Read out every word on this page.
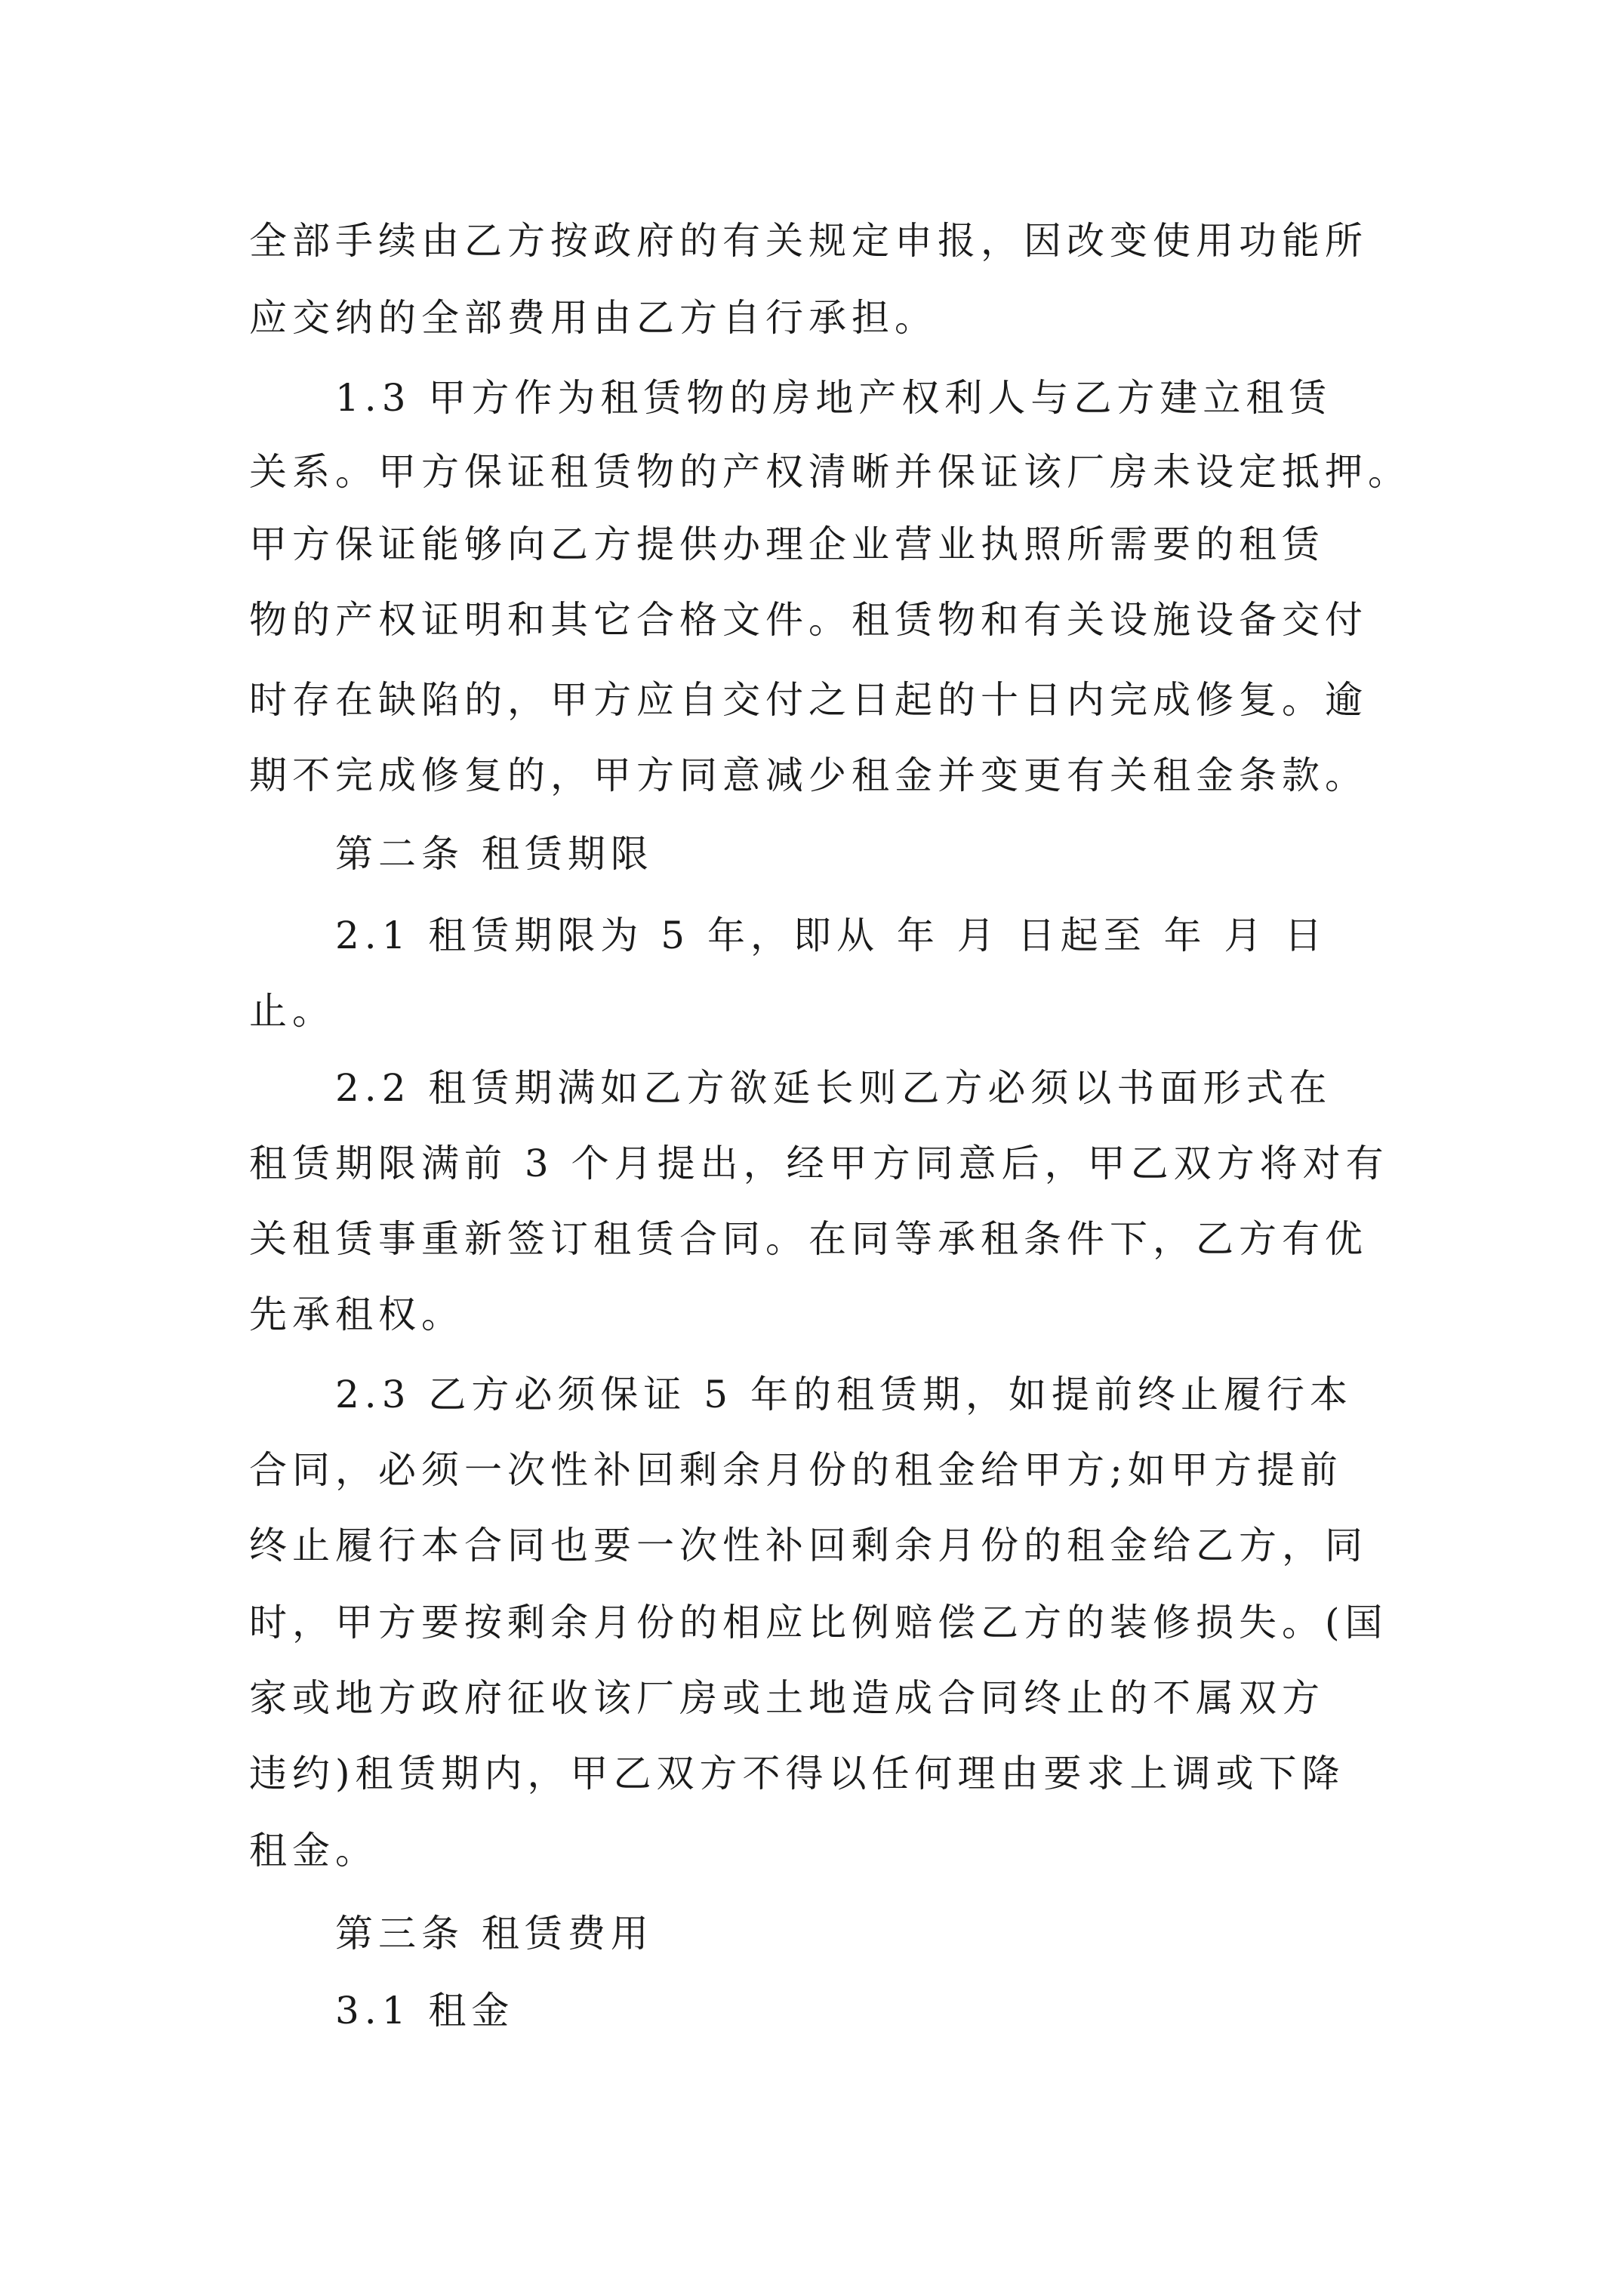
全部手续由乙方按政府的有关规定申报，因改变使用功能所
应交纳的全部费用由乙方自行承担。
1.3 甲方作为租赁物的房地产权利人与乙方建立租赁
关系。甲方保证租赁物的产权清晰并保证该厂房未设定抵押。
甲方保证能够向乙方提供办理企业营业执照所需要的租赁
物的产权证明和其它合格文件。租赁物和有关设施设备交付
时存在缺陷的，甲方应自交付之日起的十日内完成修复。逾
期不完成修复的，甲方同意减少租金并变更有关租金条款。
第二条 租赁期限
2.1 租赁期限为 5 年，即从 年 月 日起至 年 月 日
止。
2.2 租赁期满如乙方欲延长则乙方必须以书面形式在
租赁期限满前 3 个月提出，经甲方同意后，甲乙双方将对有
关租赁事重新签订租赁合同。在同等承租条件下，乙方有优
先承租权。
2.3 乙方必须保证 5 年的租赁期，如提前终止履行本
合同，必须一次性补回剩余月份的租金给甲方;如甲方提前
终止履行本合同也要一次性补回剩余月份的租金给乙方，同
时，甲方要按剩余月份的相应比例赔偿乙方的装修损失。(国
家或地方政府征收该厂房或土地造成合同终止的不属双方
违约)租赁期内，甲乙双方不得以任何理由要求上调或下降
租金。
第三条 租赁费用
3.1 租金
